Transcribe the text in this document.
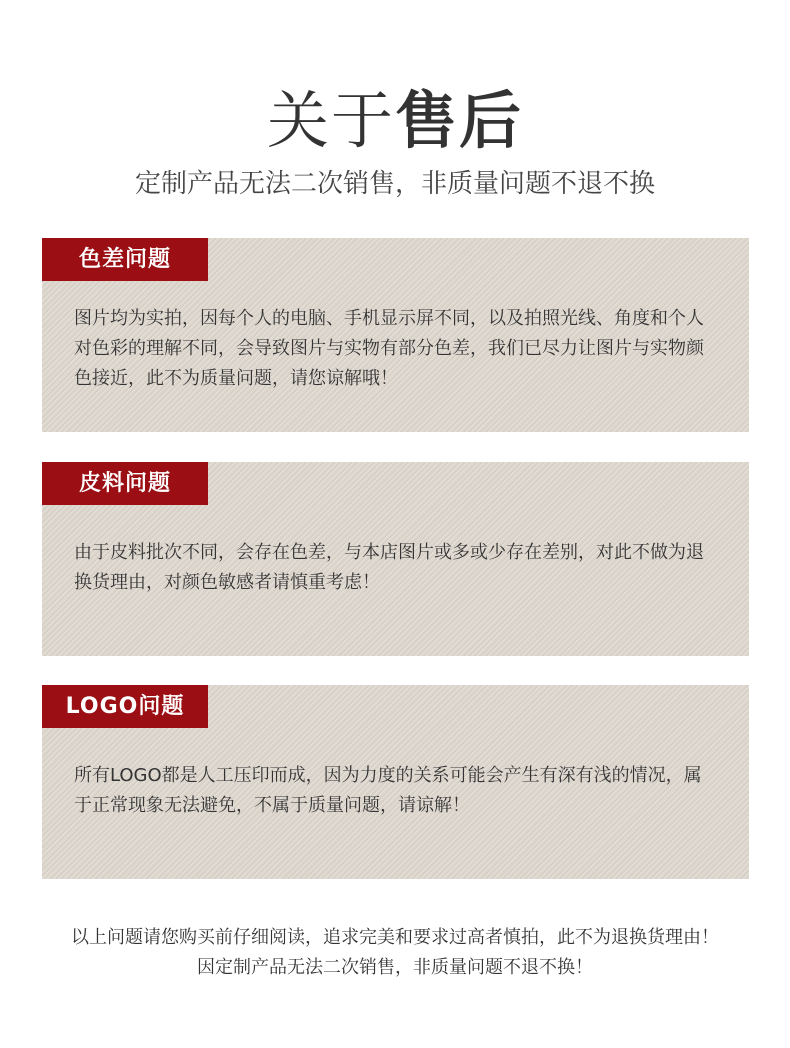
关于售后
定制产品无法二次销售，非质量问题不退不换
色差问题
图片均为实拍，因每个人的电脑、手机显示屏不同，以及拍照光线、角度和个人对色彩的理解不同，会导致图片与实物有部分色差，我们已尽力让图片与实物颜色接近，此不为质量问题，请您谅解哦！
皮料问题
由于皮料批次不同，会存在色差，与本店图片或多或少存在差别，对此不做为退换货理由，对颜色敏感者请慎重考虑！
LOGO问题
所有LOGO都是人工压印而成，因为力度的关系可能会产生有深有浅的情况，属于正常现象无法避免，不属于质量问题，请谅解！
以上问题请您购买前仔细阅读，追求完美和要求过高者慎拍，此不为退换货理由！
因定制产品无法二次销售，非质量问题不退不换！
